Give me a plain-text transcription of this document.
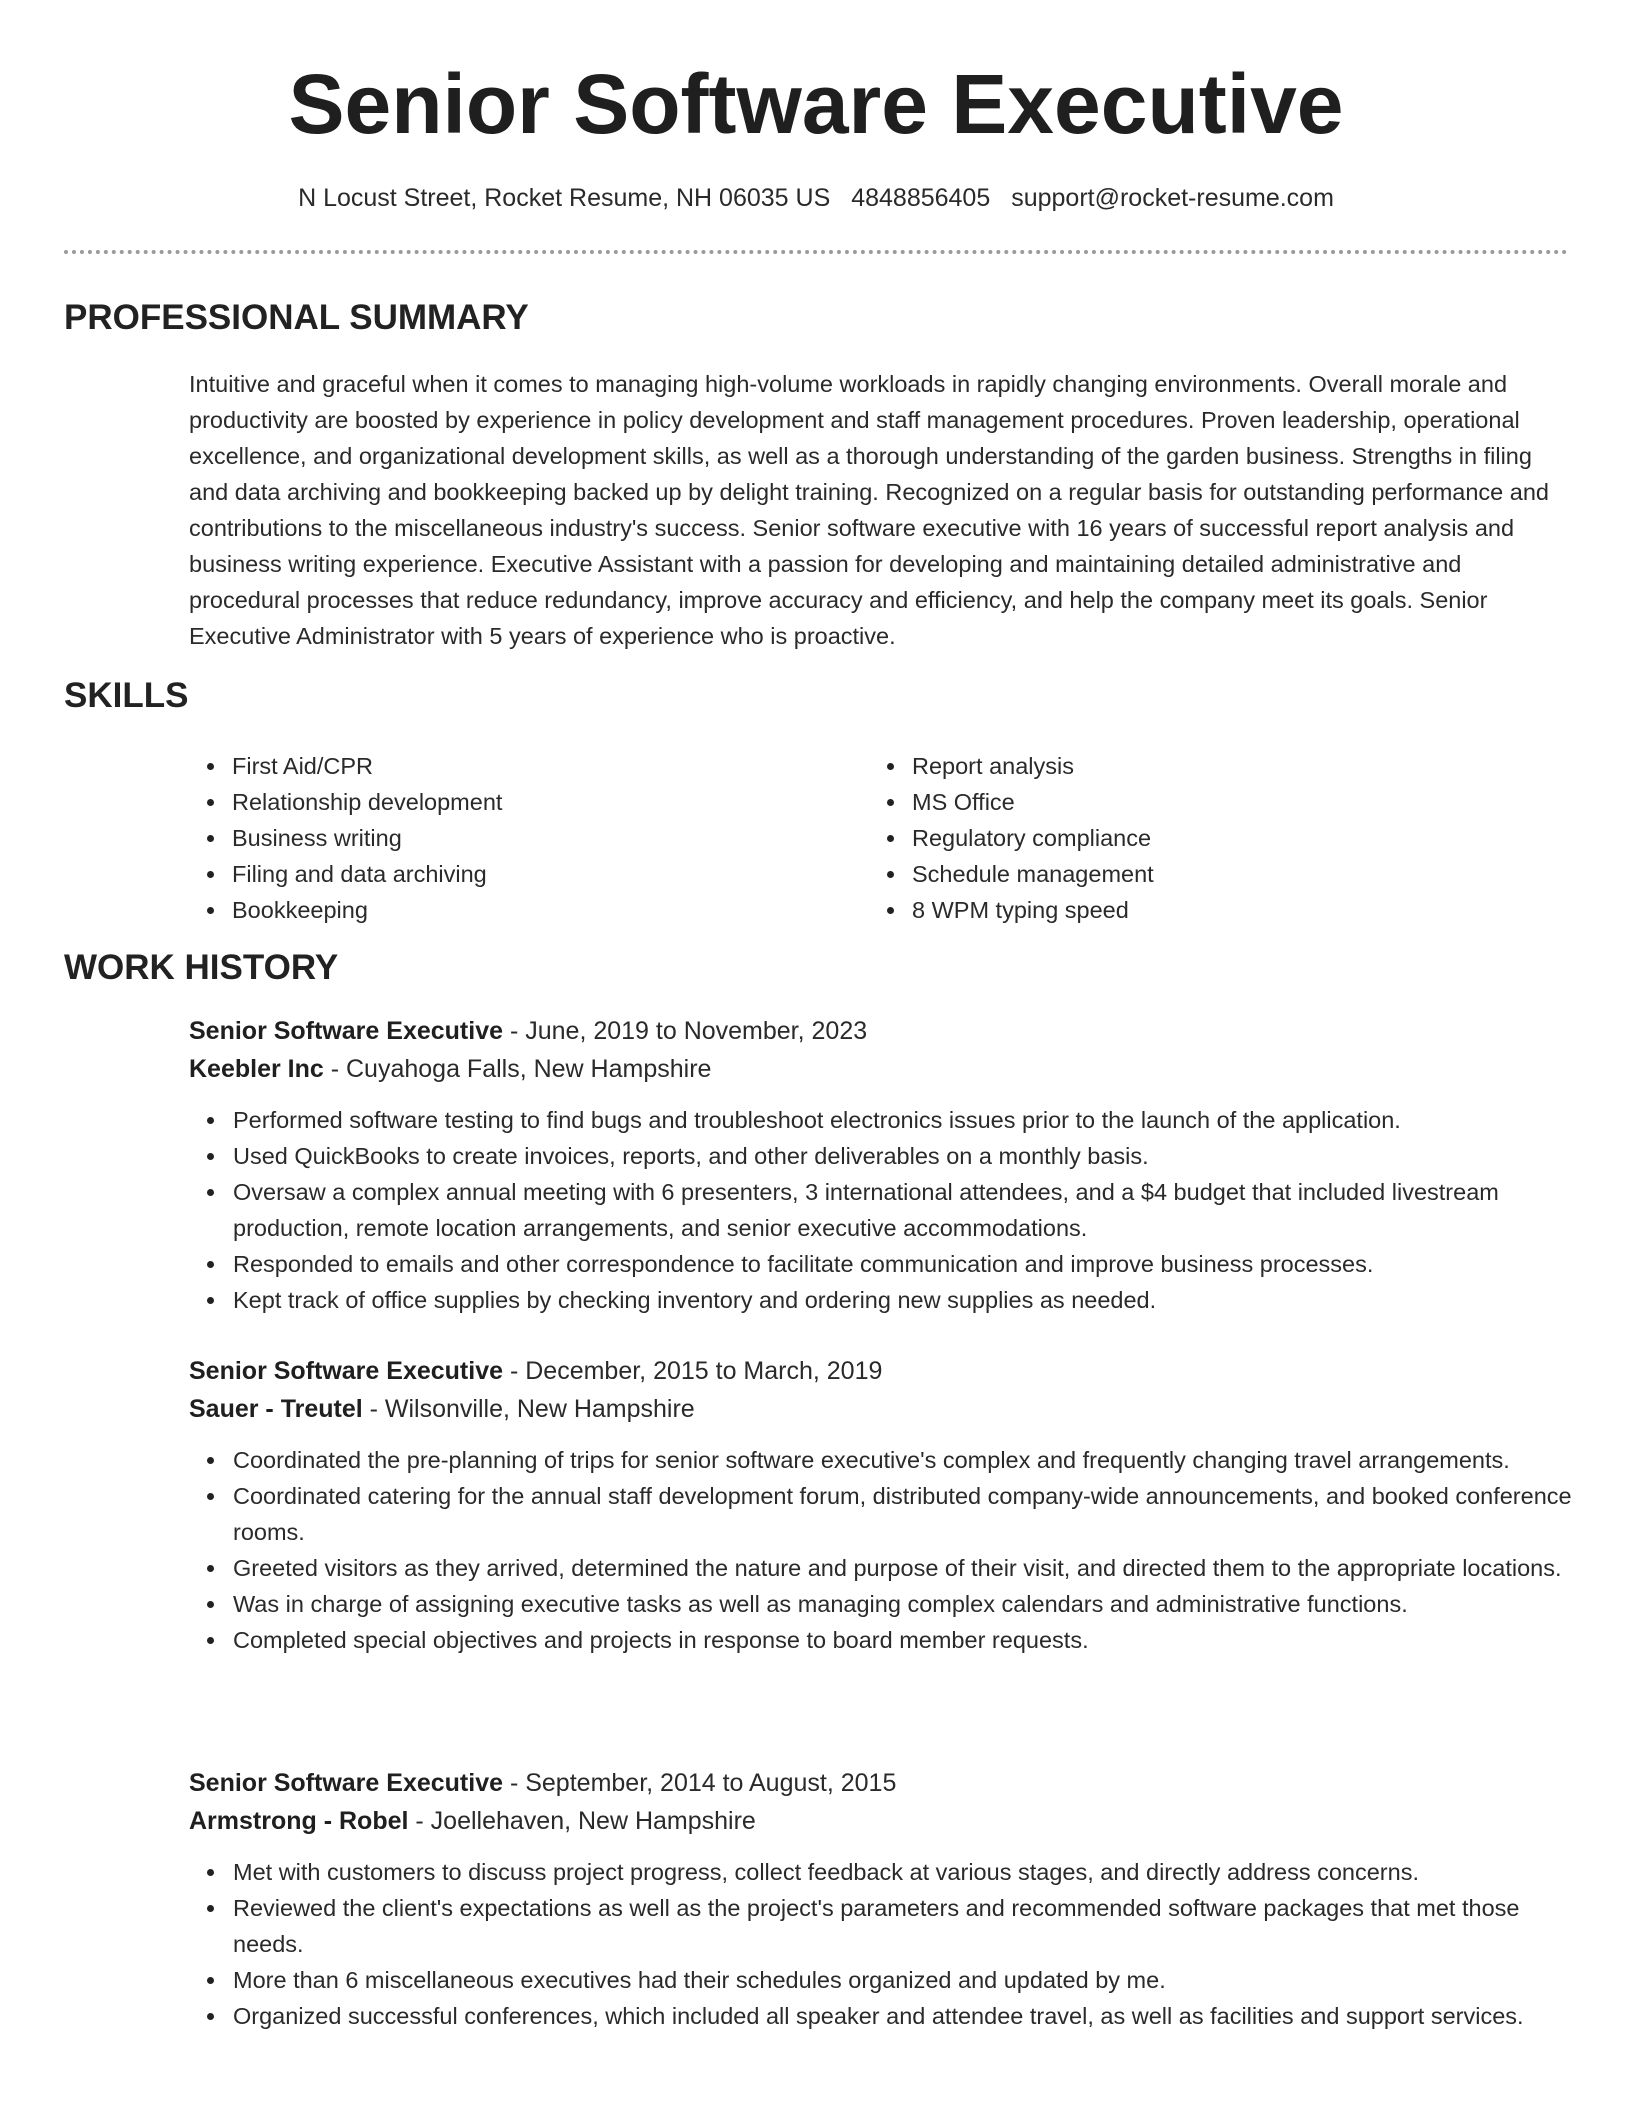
Senior Software Executive
N Locust Street, Rocket Resume, NH 06035 US 4848856405 support@rocket-resume.com
PROFESSIONAL SUMMARY

Intuitive and graceful when it comes to managing high-volume workloads in rapidly changing environments. Overall morale and productivity are boosted by experience in policy development and staff management procedures. Proven leadership, operational excellence, and organizational development skills, as well as a thorough understanding of the garden business. Strengths in filing and data archiving and bookkeeping backed up by delight training. Recognized on a regular basis for outstanding performance and contributions to the miscellaneous industry's success. Senior software executive with 16 years of successful report analysis and business writing experience. Executive Assistant with a passion for developing and maintaining detailed administrative and procedural processes that reduce redundancy, improve accuracy and efficiency, and help the company meet its goals. Senior Executive Administrator with 5 years of experience who is proactive.

SKILLS
First Aid/CPR
Relationship development
Business writing
Filing and data archiving
Bookkeeping
Report analysis
MS Office
Regulatory compliance
Schedule management
8 WPM typing speed
WORK HISTORY
Senior Software Executive - June, 2019 to November, 2023
Keebler Inc - Cuyahoga Falls, New Hampshire
Performed software testing to find bugs and troubleshoot electronics issues prior to the launch of the application.
Used QuickBooks to create invoices, reports, and other deliverables on a monthly basis.
Oversaw a complex annual meeting with 6 presenters, 3 international attendees, and a $4 budget that included livestream production, remote location arrangements, and senior executive accommodations.
Responded to emails and other correspondence to facilitate communication and improve business processes.
Kept track of office supplies by checking inventory and ordering new supplies as needed.
Senior Software Executive - December, 2015 to March, 2019
Sauer - Treutel - Wilsonville, New Hampshire
Coordinated the pre-planning of trips for senior software executive's complex and frequently changing travel arrangements.
Coordinated catering for the annual staff development forum, distributed company-wide announcements, and booked conference rooms.
Greeted visitors as they arrived, determined the nature and purpose of their visit, and directed them to the appropriate locations.
Was in charge of assigning executive tasks as well as managing complex calendars and administrative functions.
Completed special objectives and projects in response to board member requests.
Senior Software Executive - September, 2014 to August, 2015
Armstrong - Robel - Joellehaven, New Hampshire
Met with customers to discuss project progress, collect feedback at various stages, and directly address concerns.
Reviewed the client's expectations as well as the project's parameters and recommended software packages that met those needs.
More than 6 miscellaneous executives had their schedules organized and updated by me.
Organized successful conferences, which included all speaker and attendee travel, as well as facilities and support services.
